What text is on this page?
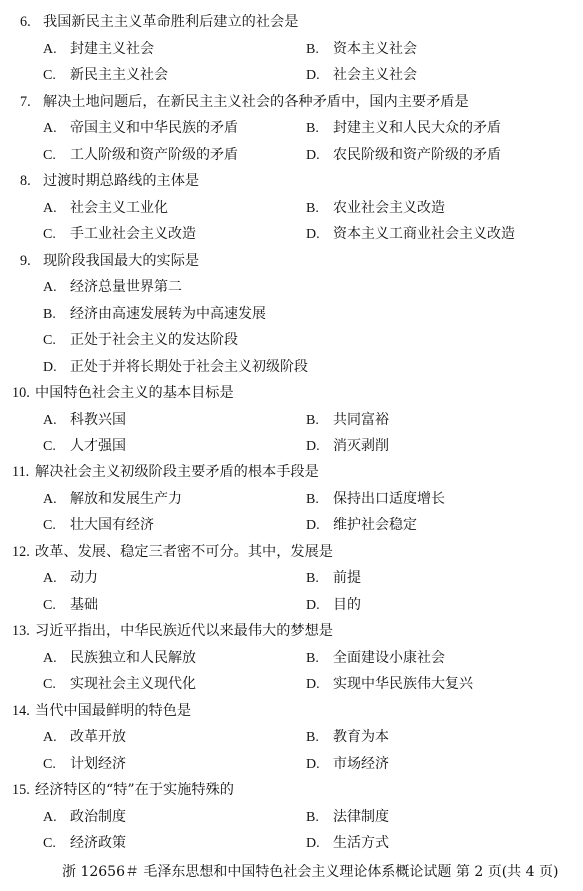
6. 我国新民主主义革命胜利后建立的社会是
A. 封建主义社会	B. 资本主义社会
C. 新民主主义社会	D. 社会主义社会
7. 解决土地问题后，在新民主主义社会的各种矛盾中，国内主要矛盾是
A. 帝国主义和中华民族的矛盾	B. 封建主义和人民大众的矛盾
C. 工人阶级和资产阶级的矛盾	D. 农民阶级和资产阶级的矛盾
8. 过渡时期总路线的主体是
A. 社会主义工业化	B. 农业社会主义改造
C. 手工业社会主义改造	D. 资本主义工商业社会主义改造
9. 现阶段我国最大的实际是
A. 经济总量世界第二
B. 经济由高速发展转为中高速发展
C. 正处于社会主义的发达阶段
D. 正处于并将长期处于社会主义初级阶段
10. 中国特色社会主义的基本目标是
A. 科教兴国	B. 共同富裕
C. 人才强国	D. 消灭剥削
11. 解决社会主义初级阶段主要矛盾的根本手段是
A. 解放和发展生产力	B. 保持出口适度增长
C. 壮大国有经济	D. 维护社会稳定
12. 改革、发展、稳定三者密不可分。其中，发展是
A. 动力	B. 前提
C. 基础	D. 目的
13. 习近平指出，中华民族近代以来最伟大的梦想是
A. 民族独立和人民解放	B. 全面建设小康社会
C. 实现社会主义现代化	D. 实现中华民族伟大复兴
14. 当代中国最鲜明的特色是
A. 改革开放	B. 教育为本
C. 计划经济	D. 市场经济
15. 经济特区的“特”在于实施特殊的
A. 政治制度	B. 法律制度
C. 经济政策	D. 生活方式
浙 12656＃ 毛泽东思想和中国特色社会主义理论体系概论试题 第 2 页(共 4 页)
